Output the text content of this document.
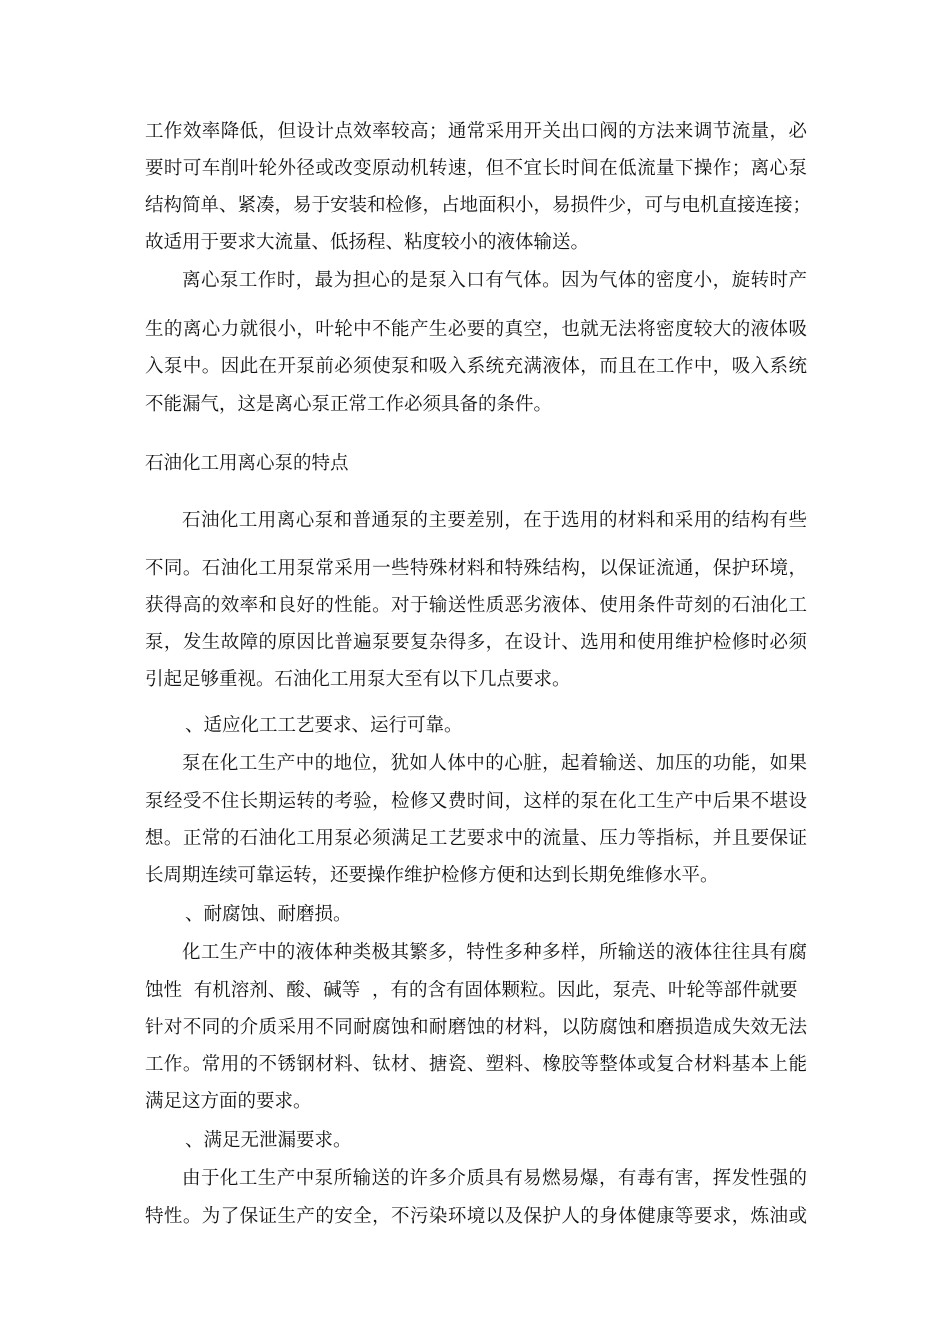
工作效率降低，但设计点效率较高；通常采用开关出口阀的方法来调节流量，必
要时可车削叶轮外径或改变原动机转速，但不宜长时间在低流量下操作；离心泵
结构简单、紧凑，易于安装和检修，占地面积小，易损件少，可与电机直接连接；
故适用于要求大流量、低扬程、粘度较小的液体输送。
离心泵工作时，最为担心的是泵入口有气体。因为气体的密度小，旋转时产
生的离心力就很小，叶轮中不能产生必要的真空，也就无法将密度较大的液体吸
入泵中。因此在开泵前必须使泵和吸入系统充满液体，而且在工作中，吸入系统
不能漏气，这是离心泵正常工作必须具备的条件。
石油化工用离心泵的特点
石油化工用离心泵和普通泵的主要差别，在于选用的材料和采用的结构有些
不同。石油化工用泵常采用一些特殊材料和特殊结构，以保证流通，保护环境，
获得高的效率和良好的性能。对于输送性质恶劣液体、使用条件苛刻的石油化工
泵，发生故障的原因比普遍泵要复杂得多，在设计、选用和使用维护检修时必须
引起足够重视。石油化工用泵大至有以下几点要求。
、适应化工工艺要求、运行可靠。
泵在化工生产中的地位，犹如人体中的心脏，起着输送、加压的功能，如果
泵经受不住长期运转的考验，检修又费时间，这样的泵在化工生产中后果不堪设
想。正常的石油化工用泵必须满足工艺要求中的流量、压力等指标，并且要保证
长周期连续可靠运转，还要操作维护检修方便和达到长期免维修水平。
、耐腐蚀、耐磨损。
化工生产中的液体种类极其繁多，特性多种多样，所输送的液体往往具有腐
蚀性  有机溶剂、酸、碱等  ，有的含有固体颗粒。因此，泵壳、叶轮等部件就要
针对不同的介质采用不同耐腐蚀和耐磨蚀的材料，以防腐蚀和磨损造成失效无法
工作。常用的不锈钢材料、钛材、搪瓷、塑料、橡胶等整体或复合材料基本上能
满足这方面的要求。
、满足无泄漏要求。
由于化工生产中泵所输送的许多介质具有易燃易爆，有毒有害，挥发性强的
特性。为了保证生产的安全，不污染环境以及保护人的身体健康等要求，炼油或
